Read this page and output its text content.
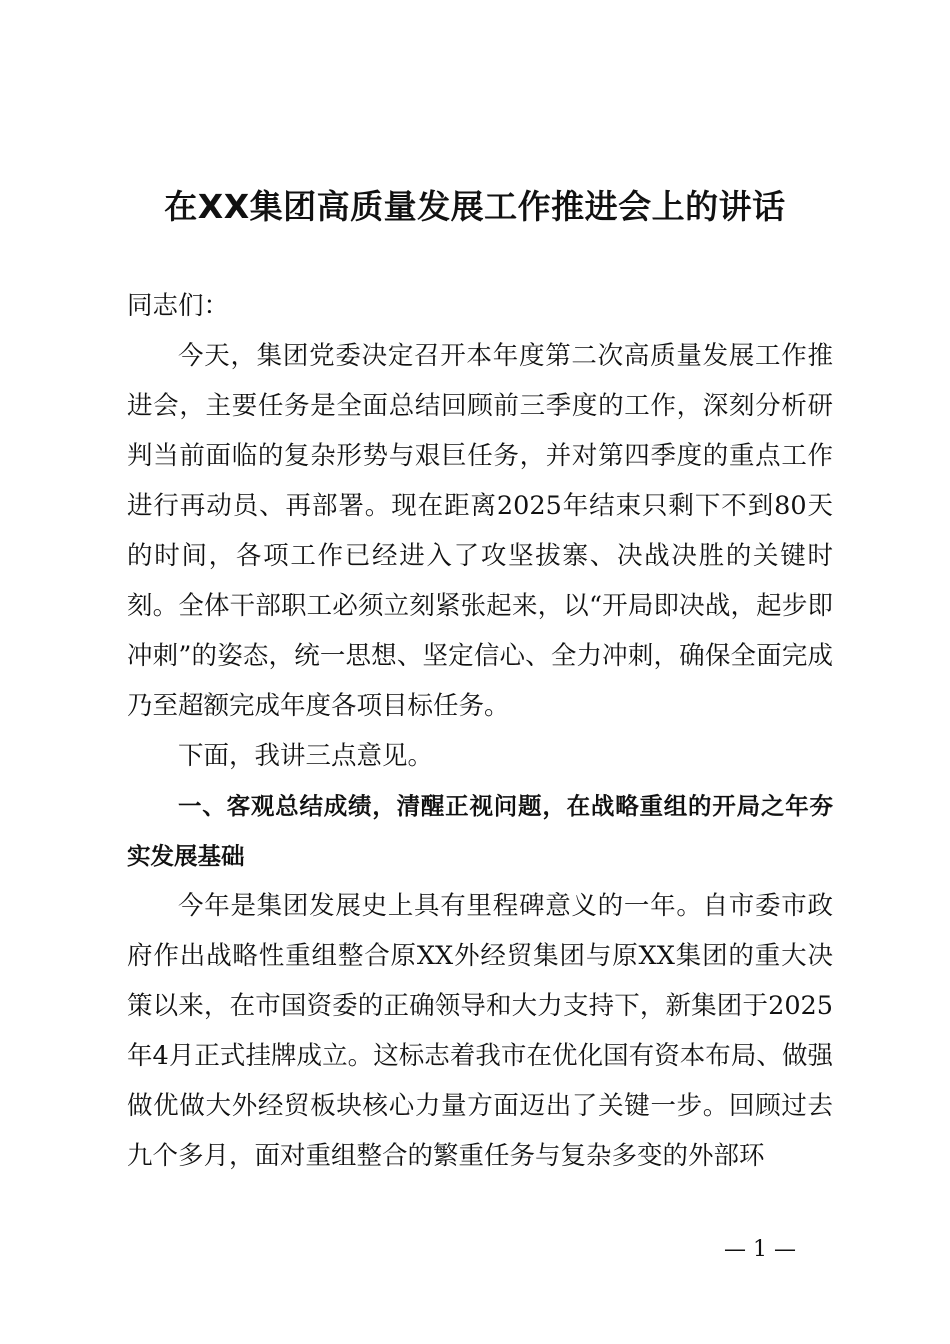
在XX集团高质量发展工作推进会上的讲话

同志们：

今天，集团党委决定召开本年度第二次高质量发展工作推进会，主要任务是全面总结回顾前三季度的工作，深刻分析研判当前面临的复杂形势与艰巨任务，并对第四季度的重点工作进行再动员、再部署。现在距离2025年结束只剩下不到80天的时间，各项工作已经进入了攻坚拔寨、决战决胜的关键时刻。全体干部职工必须立刻紧张起来，以“开局即决战，起步即冲刺”的姿态，统一思想、坚定信心、全力冲刺，确保全面完成乃至超额完成年度各项目标任务。

下面，我讲三点意见。

一、客观总结成绩，清醒正视问题，在战略重组的开局之年夯实发展基础

今年是集团发展史上具有里程碑意义的一年。自市委市政府作出战略性重组整合原XX外经贸集团与原XX集团的重大决策以来，在市国资委的正确领导和大力支持下，新集团于2025年4月正式挂牌成立。这标志着我市在优化国有资本布局、做强做优做大外经贸板块核心力量方面迈出了关键一步。回顾过去九个多月，面对重组整合的繁重任务与复杂多变的外部环

— 1 —
